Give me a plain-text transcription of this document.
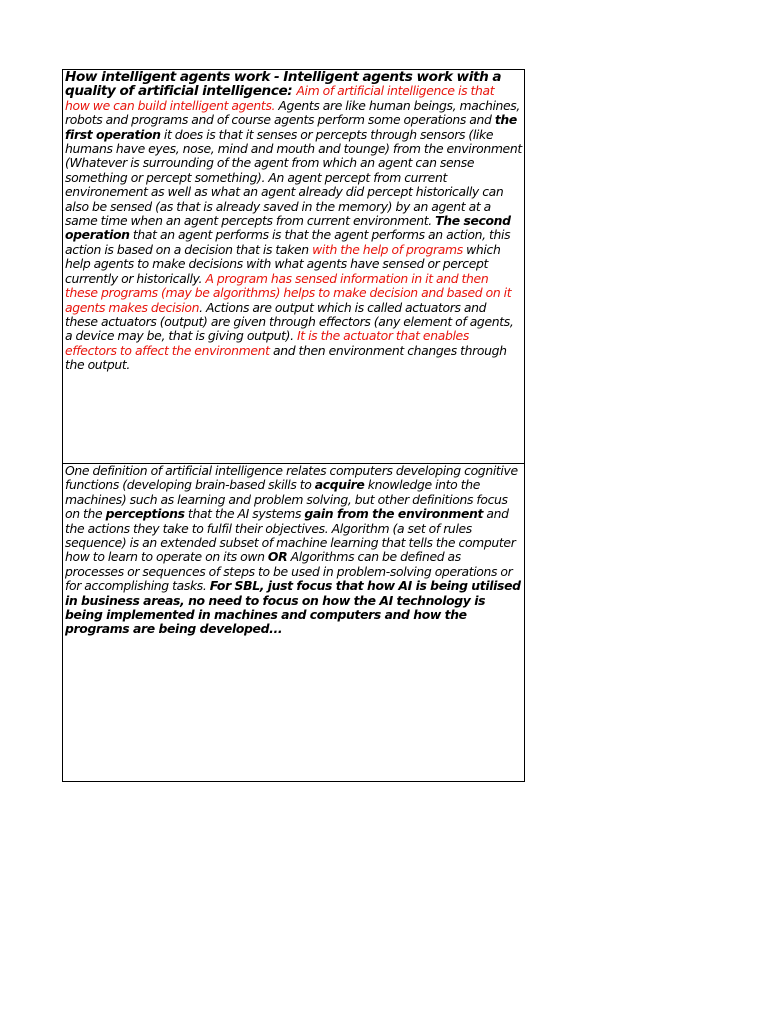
How intelligent agents work - Intelligent agents work with a quality of artificial intelligence: Aim of artificial intelligence is that how we can build intelligent agents. Agents are like human beings, machines, robots and programs and of course agents perform some operations and the first operation it does is that it senses or percepts through sensors (like humans have eyes, nose, mind and mouth and tounge) from the environment (Whatever is surrounding of the agent from which an agent can sense something or percept something). An agent percept from current environement as well as what an agent already did percept historically can also be sensed (as that is already saved in the memory) by an agent at a same time when an agent percepts from current environment. The second operation that an agent performs is that the agent performs an action, this action is based on a decision that is taken with the help of programs which help agents to make decisions with what agents have sensed or percept currently or historically. A program has sensed information in it and then these programs (may be algorithms) helps to make decision and based on it agents makes decision. Actions are output which is called actuators and these actuators (output) are given through effectors (any element of agents, a device may be, that is giving output). It is the actuator that enables effectors to affect the environment and then environment changes through the output.
One definition of artificial intelligence relates computers developing cognitive functions (developing brain-based skills to acquire knowledge into the machines) such as learning and problem solving, but other definitions focus on the perceptions that the AI systems gain from the environment and the actions they take to fulfil their objectives. Algorithm (a set of rules sequence) is an extended subset of machine learning that tells the computer how to learn to operate on its own OR Algorithms can be defined as processes or sequences of steps to be used in problem-solving operations or for accomplishing tasks. For SBL, just focus that how AI is being utilised in business areas, no need to focus on how the AI technology is being implemented in machines and computers and how the programs are being developed...
